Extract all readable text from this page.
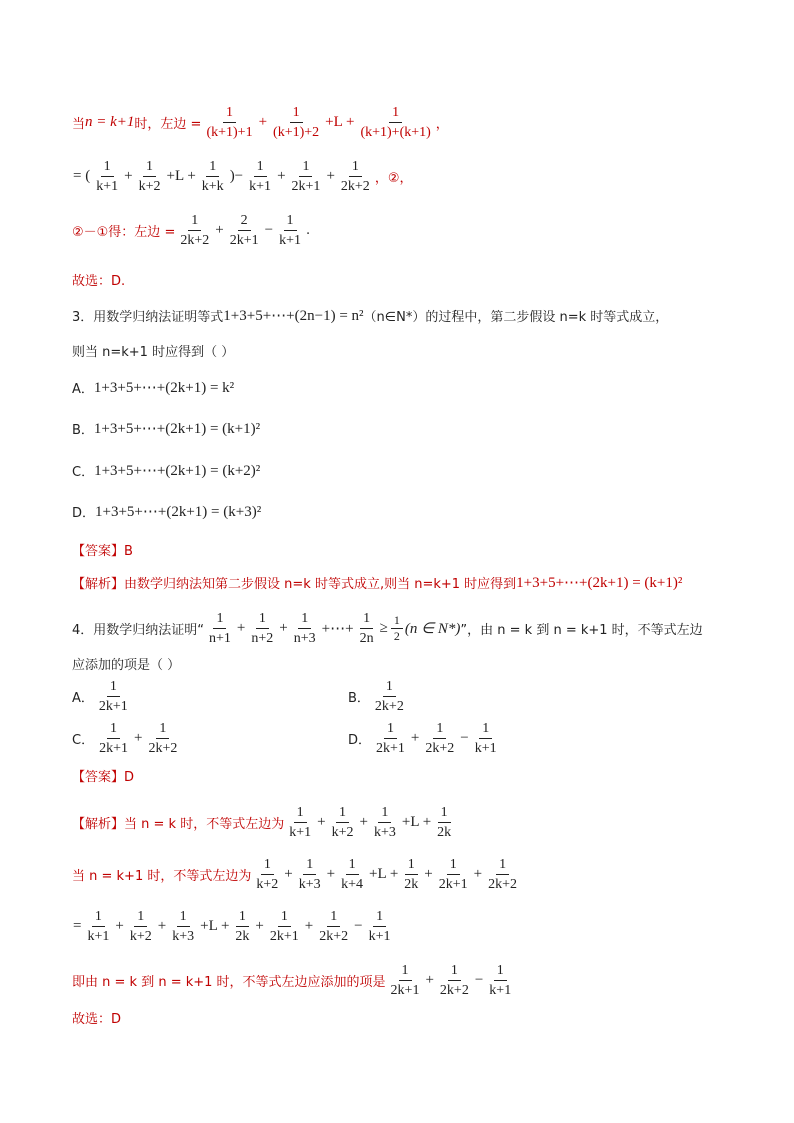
当 n = k+1 时，左边 = $\frac{1}{(k+1)+1} + \frac{1}{(k+1)+2} +L + \frac{1}{(k+1)+(k+1)}$ ，
= ( $\frac{1}{k+1} + \frac{1}{k+2} +L + \frac{1}{k+k}$ )− $\frac{1}{k+1} + \frac{1}{2k+1} + \frac{1}{2k+2}$ ，②，
②－①得：左边 = $\frac{1}{2k+2} + \frac{2}{2k+1} - \frac{1}{k+1}$ .
故选：D.
3．用数学归纳法证明等式 1+3+5+⋯+(2n−1) = n² （n∈N*）的过程中，第二步假设 n=k 时等式成立，
则当 n=k+1 时应得到（ ）
A． 1+3+5+⋯+(2k+1) = k²
B． 1+3+5+⋯+(2k+1) = (k+1)²
C． 1+3+5+⋯+(2k+1) = (k+2)²
D． 1+3+5+⋯+(2k+1) = (k+3)²
【答案】B
【解析】 由数学归纳法知第二步假设 n=k 时等式成立,则当 n=k+1 时应得到 1+3+5+⋯+(2k+1) = (k+1)²
4．用数学归纳法证明“ $\frac{1}{n+1} + \frac{1}{n+2} + \frac{1}{n+3}$ +⋯+ $\frac{1}{2n} \ge \frac{1}{2} (n$ ∈ N*) ”，由 n = k 到 n = k+1 时，不等式左边
应添加的项是（ ）
A． $\frac{1}{2k+1}$	B． $\frac{1}{2k+2}$
C． $\frac{1}{2k+1} + \frac{1}{2k+2}$	D． $\frac{1}{2k+1} + \frac{1}{2k+2} - \frac{1}{k+1}$
【答案】D
【解析】 当 n = k 时，不等式左边为 $\frac{1}{k+1} + \frac{1}{k+2} + \frac{1}{k+3} +L + \frac{1}{2k}$
当 n = k+1 时，不等式左边为 $\frac{1}{k+2} + \frac{1}{k+3} + \frac{1}{k+4} +L + \frac{1}{2k} + \frac{1}{2k+1} + \frac{1}{2k+2}$
= $\frac{1}{k+1} + \frac{1}{k+2} + \frac{1}{k+3} +L + \frac{1}{2k} + \frac{1}{2k+1} + \frac{1}{2k+2} - \frac{1}{k+1}$
即由 n = k 到 n = k+1 时，不等式左边应添加的项是 $\frac{1}{2k+1} + \frac{1}{2k+2} - \frac{1}{k+1}$
故选：D
